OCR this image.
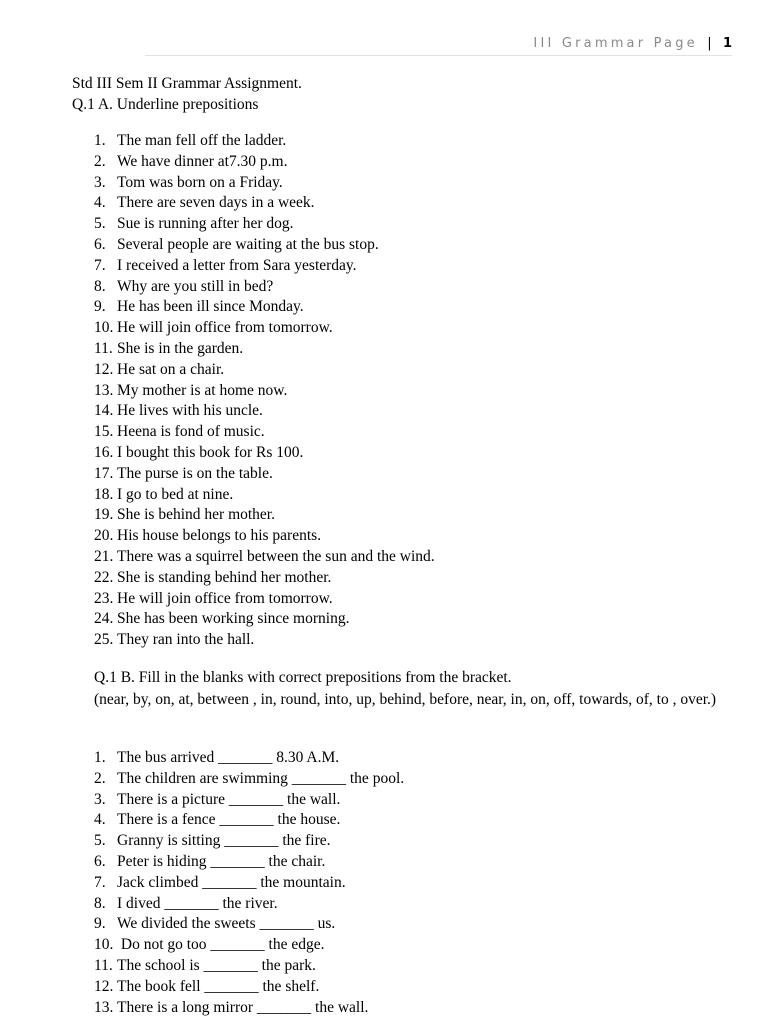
III Grammar Page | 1
Std III Sem II Grammar Assignment.
Q.1 A. Underline prepositions
1. The man fell off the ladder.
2. We have dinner at7.30 p.m.
3. Tom was born on a Friday.
4. There are seven days in a week.
5. Sue is running after her dog.
6. Several people are waiting at the bus stop.
7. I received a letter from Sara yesterday.
8. Why are you still in bed?
9. He has been ill since Monday.
10. He will join office from tomorrow.
11. She is in the garden.
12. He sat on a chair.
13. My mother is at home now.
14. He lives with his uncle.
15. Heena is fond of music.
16. I bought this book for Rs 100.
17. The purse is on the table.
18. I go to bed at nine.
19. She is behind her mother.
20. His house belongs to his parents.
21. There was a squirrel between the sun and the wind.
22. She is standing behind her mother.
23. He will join office from tomorrow.
24. She has been working since morning.
25. They ran into the hall.
Q.1 B. Fill in the blanks with correct prepositions from the bracket.
(near, by, on, at, between , in, round, into, up, behind, before, near, in, on, off, towards, of, to , over.)
1. The bus arrived _______ 8.30 A.M.
2. The children are swimming _______ the pool.
3. There is a picture _______ the wall.
4. There is a fence _______ the house.
5. Granny is sitting _______ the fire.
6. Peter is hiding _______ the chair.
7. Jack climbed _______ the mountain.
8. I dived _______ the river.
9. We divided the sweets _______ us.
10. Do not go too _______ the edge.
11. The school is _______ the park.
12. The book fell _______ the shelf.
13. There is a long mirror _______ the wall.
